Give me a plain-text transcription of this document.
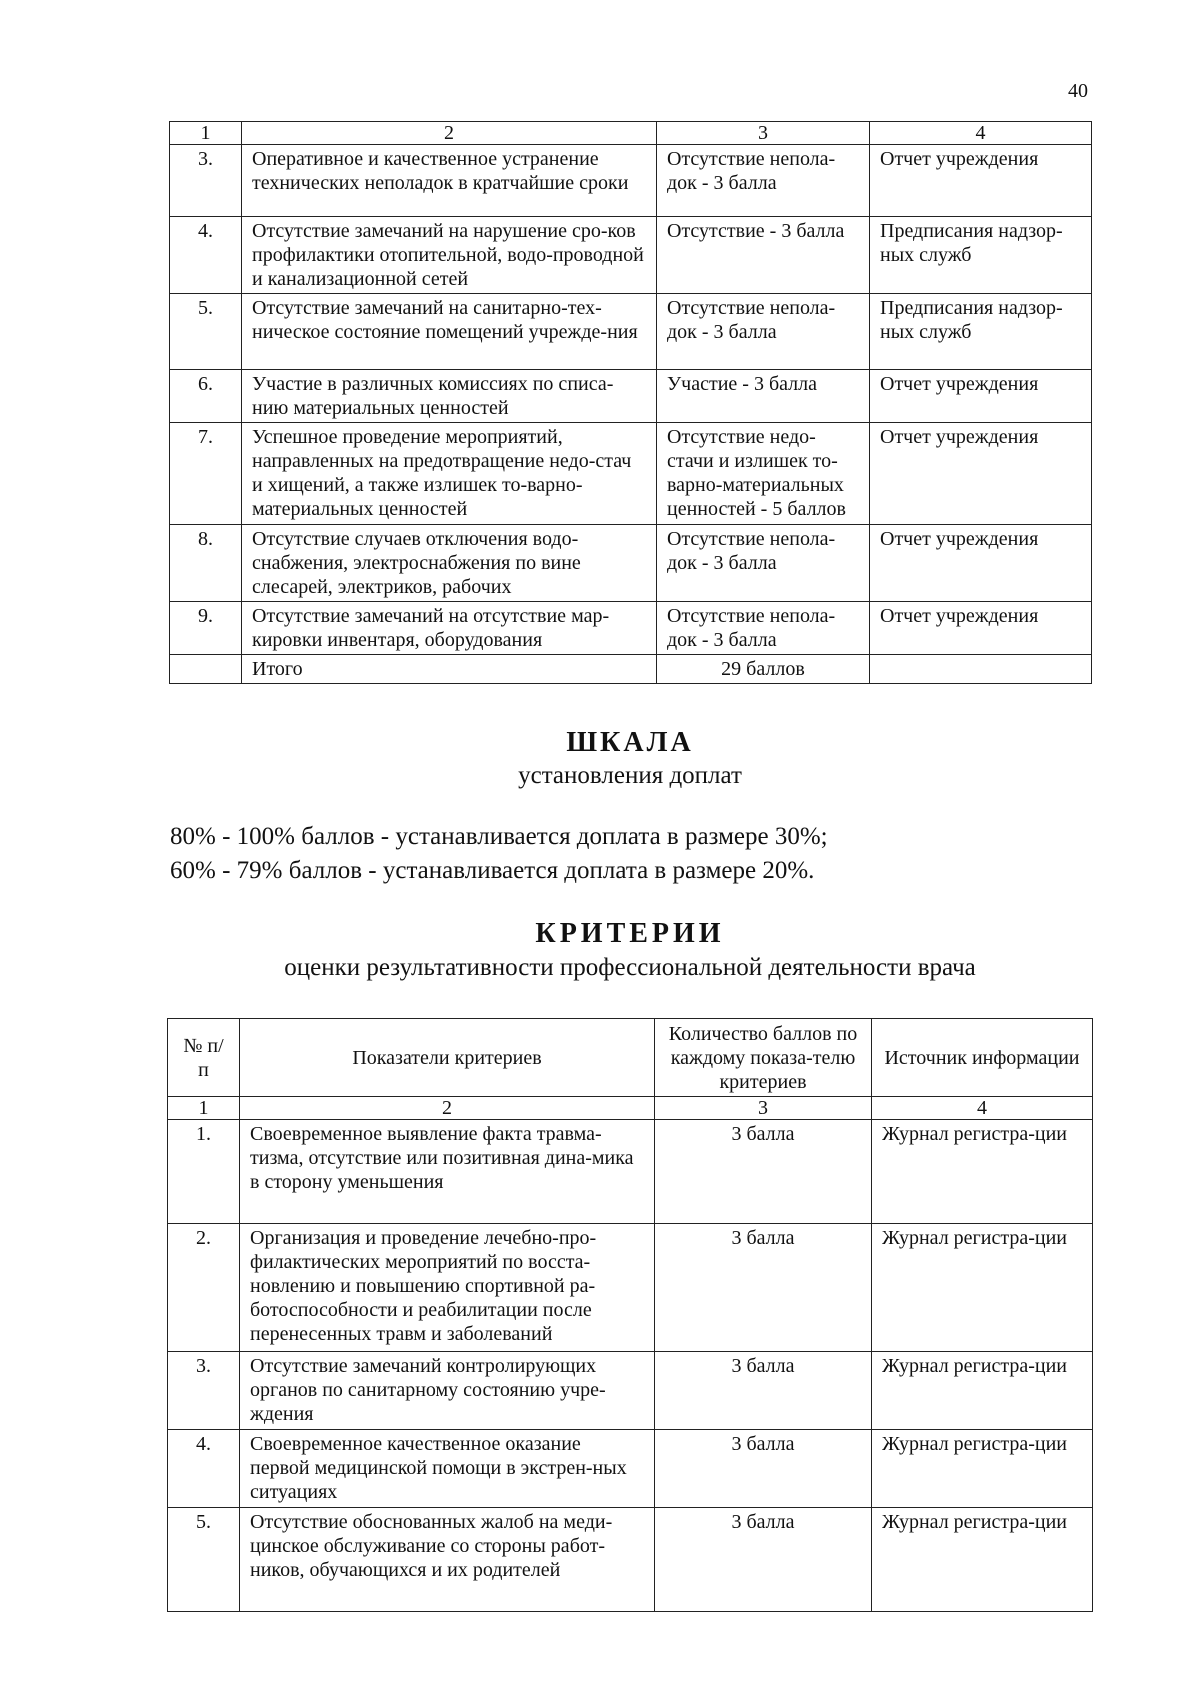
40
1	2	3	4
3.	Оперативное и качественное устранение технических неполадок в кратчайшие сроки	Отсутствие непола-док - 3 балла	Отчет учреждения
4.	Отсутствие замечаний на нарушение сро-ков профилактики отопительной, водо-проводной и канализационной сетей	Отсутствие - 3 балла	Предписания надзор-ных служб
5.	Отсутствие замечаний на санитарно-тех-ническое состояние помещений учрежде-ния	Отсутствие непола-док - 3 балла	Предписания надзор-ных служб
6.	Участие в различных комиссиях по списа-нию материальных ценностей	Участие - 3 балла	Отчет учреждения
7.	Успешное проведение мероприятий, направленных на предотвращение недо-стач и хищений, а также излишек то-варно-материальных ценностей	Отсутствие недо-стачи и излишек то-варно-материальных ценностей - 5 баллов	Отчет учреждения
8.	Отсутствие случаев отключения водо-снабжения, электроснабжения по вине слесарей, электриков, рабочих	Отсутствие непола-док - 3 балла	Отчет учреждения
9.	Отсутствие замечаний на отсутствие мар-кировки инвентаря, оборудования	Отсутствие непола-док - 3 балла	Отчет учреждения
	Итого	29 баллов	
ШКАЛА
установления доплат
80% - 100% баллов - устанавливается доплата в размере 30%;
60% - 79% баллов - устанавливается доплата в размере 20%.
КРИТЕРИИ
оценки результативности профессиональной деятельности врача
№ п/п	Показатели критериев	Количество баллов по каждому показа-телю критериев	Источник информации
1	2	3	4
1.	Своевременное выявление факта травма-тизма, отсутствие или позитивная дина-мика в сторону уменьшения	3 балла	Журнал регистра-ции
2.	Организация и проведение лечебно-про-филактических мероприятий по восста-новлению и повышению спортивной ра-ботоспособности и реабилитации после перенесенных травм и заболеваний	3 балла	Журнал регистра-ции
3.	Отсутствие замечаний контролирующих органов по санитарному состоянию учре-ждения	3 балла	Журнал регистра-ции
4.	Своевременное качественное оказание первой медицинской помощи в экстрен-ных ситуациях	3 балла	Журнал регистра-ции
5.	Отсутствие обоснованных жалоб на меди-цинское обслуживание со стороны работ-ников, обучающихся и их родителей	3 балла	Журнал регистра-ции
